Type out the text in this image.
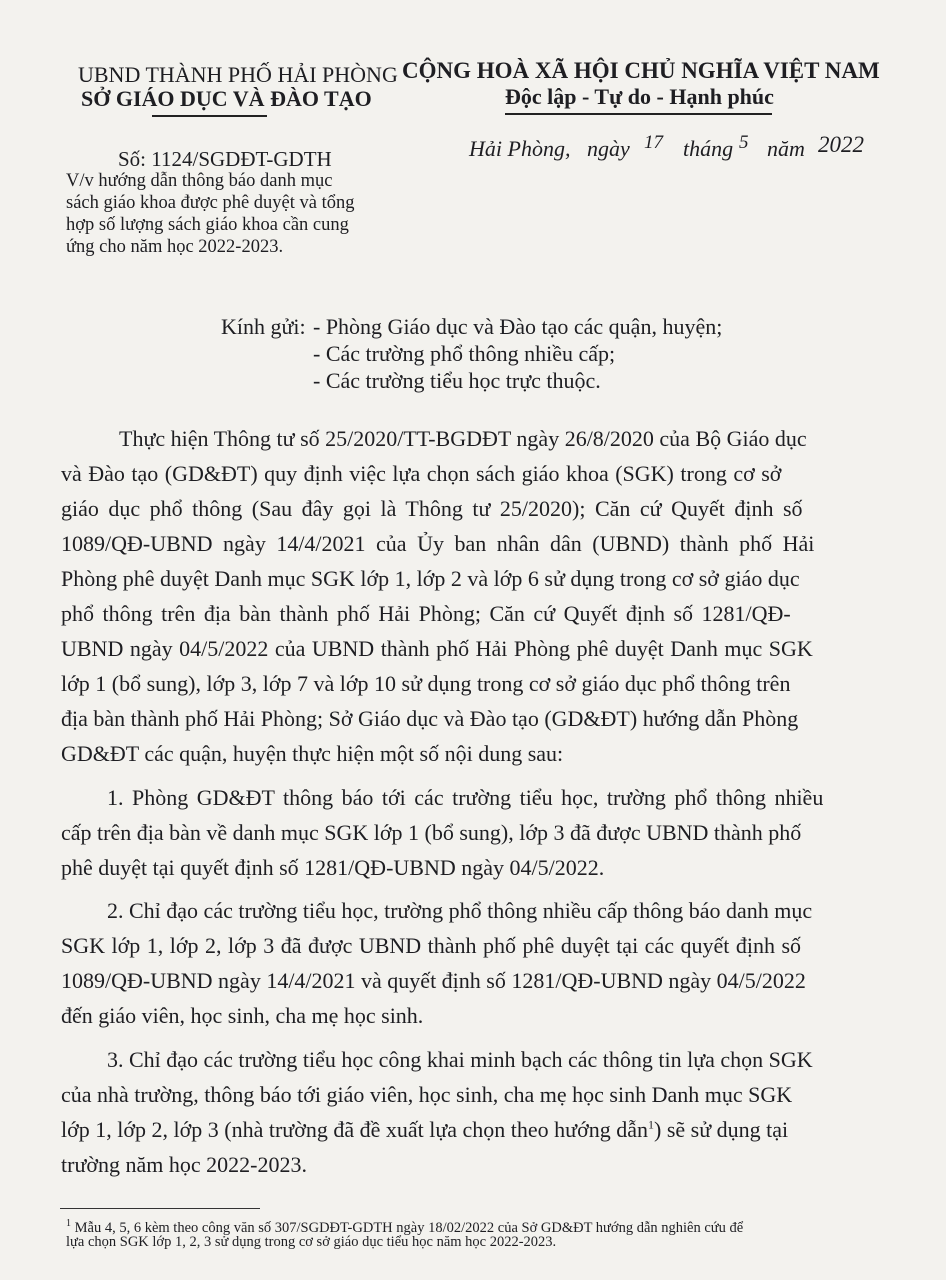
UBND THÀNH PHỐ HẢI PHÒNG
SỞ GIÁO DỤC VÀ ĐÀO TẠO
CỘNG HOÀ XÃ HỘI CHỦ NGHĨA VIỆT NAM
Độc lập - Tự do - Hạnh phúc
Số: 1124/SGDĐT-GDTH	Hải Phòng, ngày 17 tháng 5 năm 2022
V/v hướng dẫn thông báo danh mục
sách giáo khoa được phê duyệt và tổng
hợp số lượng sách giáo khoa cần cung
ứng cho năm học 2022-2023.
Kính gửi: - Phòng Giáo dục và Đào tạo các quận, huyện;
- Các trường phổ thông nhiều cấp;
- Các trường tiểu học trực thuộc.
Thực hiện Thông tư số 25/2020/TT-BGDĐT ngày 26/8/2020 của Bộ Giáo dục
và Đào tạo (GD&ĐT) quy định việc lựa chọn sách giáo khoa (SGK) trong cơ sở
giáo dục phổ thông (Sau đây gọi là Thông tư 25/2020); Căn cứ Quyết định số
1089/QĐ-UBND ngày 14/4/2021 của Ủy ban nhân dân (UBND) thành phố Hải
Phòng phê duyệt Danh mục SGK lớp 1, lớp 2 và lớp 6 sử dụng trong cơ sở giáo dục
phổ thông trên địa bàn thành phố Hải Phòng; Căn cứ Quyết định số 1281/QĐ-
UBND ngày 04/5/2022 của UBND thành phố Hải Phòng phê duyệt Danh mục SGK
lớp 1 (bổ sung), lớp 3, lớp 7 và lớp 10 sử dụng trong cơ sở giáo dục phổ thông trên
địa bàn thành phố Hải Phòng; Sở Giáo dục và Đào tạo (GD&ĐT) hướng dẫn Phòng
GD&ĐT các quận, huyện thực hiện một số nội dung sau:
1. Phòng GD&ĐT thông báo tới các trường tiểu học, trường phổ thông nhiều
cấp trên địa bàn về danh mục SGK lớp 1 (bổ sung), lớp 3 đã được UBND thành phố
phê duyệt tại quyết định số 1281/QĐ-UBND ngày 04/5/2022.
2. Chỉ đạo các trường tiểu học, trường phổ thông nhiều cấp thông báo danh mục
SGK lớp 1, lớp 2, lớp 3 đã được UBND thành phố phê duyệt tại các quyết định số
1089/QĐ-UBND ngày 14/4/2021 và quyết định số 1281/QĐ-UBND ngày 04/5/2022
đến giáo viên, học sinh, cha mẹ học sinh.
3. Chỉ đạo các trường tiểu học công khai minh bạch các thông tin lựa chọn SGK
của nhà trường, thông báo tới giáo viên, học sinh, cha mẹ học sinh Danh mục SGK
lớp 1, lớp 2, lớp 3 (nhà trường đã đề xuất lựa chọn theo hướng dẫn$^1$) sẽ sử dụng tại
trường năm học 2022-2023.
$^1$ Mẫu 4, 5, 6 kèm theo công văn số 307/SGDĐT-GDTH ngày 18/02/2022 của Sở GD&ĐT hướng dẫn nghiên cứu để
lựa chọn SGK lớp 1, 2, 3 sử dụng trong cơ sở giáo dục tiểu học năm học 2022-2023.
